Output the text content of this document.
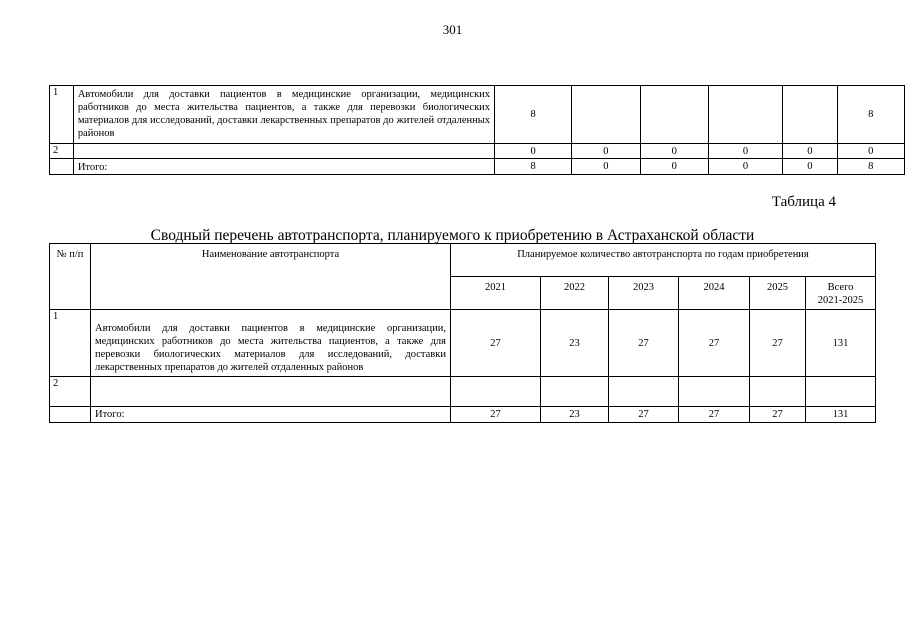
301
1	Автомобили для доставки пациентов в медицинские организации, медицинских работников до места жительства пациентов, а также для перевозки биологических материалов для исследований, доставки лекарственных препаратов до жителей отдаленных районов	8					8
2		0	0	0	0	0	0
	Итого:	8	0	0	0	0	8
Таблица 4
Сводный перечень автотранспорта, планируемого к приобретению в Астраханской области
№ п/п	Наименование автотранспорта	Планируемое количество автотранспорта по годам приобретения					
		2021	2022	2023	2024	2025	Всего
2021-2025

1	Автомобили для доставки пациентов в медицинские организации, медицинских работников до места жительства пациентов, а также для перевозки биологических материалов для исследований, доставки лекарственных препаратов до жителей отдаленных районов	27	23	27	27	27	131
2							
	Итого:	27	23	27	27	27	131
